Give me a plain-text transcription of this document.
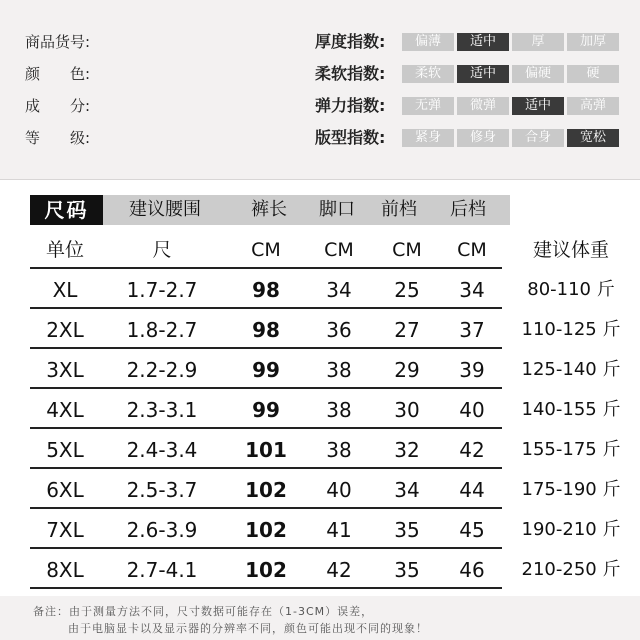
商品货号:
颜　　色:
成　　分:
等　　级:
厚度指数:	偏薄	适中	厚	加厚
柔软指数:	柔软	适中	偏硬	硬
弹力指数:	无弹	微弹	适中	高弹
版型指数:	紧身	修身	合身	宽松
尺码	建议腰围	裤长	脚口	前档	后档
单位	尺	CM	CM	CM	CM	建议体重
XL	1.7-2.7	98	34	25	34	80-110 斤
2XL	1.8-2.7	98	36	27	37	110-125 斤
3XL	2.2-2.9	99	38	29	39	125-140 斤
4XL	2.3-3.1	99	38	30	40	140-155 斤
5XL	2.4-3.4	101	38	32	42	155-175 斤
6XL	2.5-3.7	102	40	34	44	175-190 斤
7XL	2.6-3.9	102	41	35	45	190-210 斤
8XL	2.7-4.1	102	42	35	46	210-250 斤
备注：由于测量方法不同，尺寸数据可能存在（1-3CM）误差，
由于电脑显卡以及显示器的分辨率不同，颜色可能出现不同的现象！
